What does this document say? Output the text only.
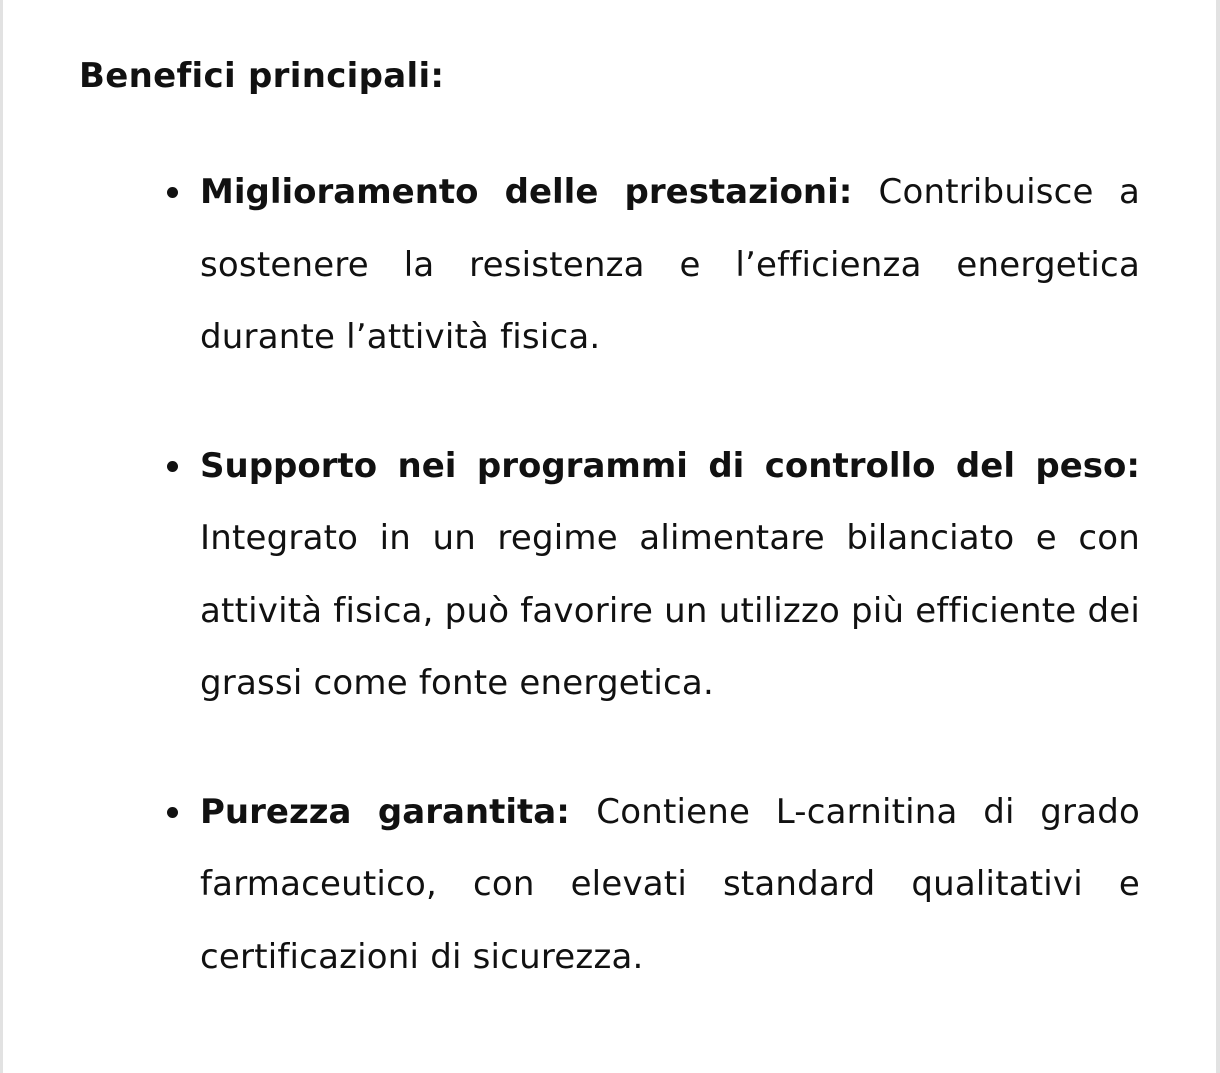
Benefici principali:
Miglioramento delle prestazioni: Contribuisce a sostenere la resistenza e l’efficienza energetica durante l’attività fisica.
Supporto nei programmi di controllo del peso: Integrato in un regime alimentare bilanciato e con attività fisica, può favorire un utilizzo più efficiente dei grassi come fonte energetica.
Purezza garantita: Contiene L-carnitina di grado farmaceutico, con elevati standard qualitativi e certificazioni di sicurezza.
